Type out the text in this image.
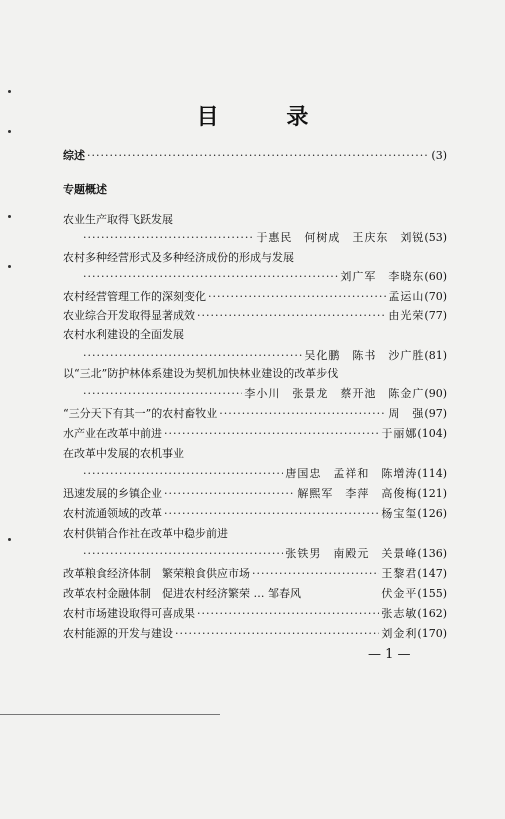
目 录
综述 ·····	(3)
专题概述
农业生产取得飞跃发展
·····
于惠民　何树成　王庆东　刘锐 (53)
农村多种经营形式及多种经济成份的形成与发展
·····
刘广军　李晓东 (60)
农村经营管理工作的深刻变化 ·····	孟运山 (70)
农业综合开发取得显著成效 ·····	由光荣 (77)
农村水利建设的全面发展
·····
吴化鹏　陈书　沙广胜 (81)
以“三北”防护林体系建设为契机加快林业建设的改革步伐
·····
李小川　张景龙　蔡开池　陈金广 (90)
“三分天下有其一”的农村畜牧业 ·····	周　强 (97)
水产业在改革中前进 ·····	于丽娜 (104)
在改革中发展的农机事业
·····
唐国忠　孟祥和　陈增涛 (114)
迅速发展的乡镇企业 ·····	解熙军　李萍　高俊梅 (121)
农村流通领域的改革 ·····	杨宝玺 (126)
农村供销合作社在改革中稳步前进
·····
张铁男　南殿元　关景峰 (136)
改革粮食经济体制　繁荣粮食供应市场 ·····	王黎君 (147)
改革农村金融体制　促进农村经济繁荣 … 邹春风	伏金平 (155)
农村市场建设取得可喜成果 ·····	张志敏 (162)
农村能源的开发与建设 ·····	刘金利 (170)
— 1 —
